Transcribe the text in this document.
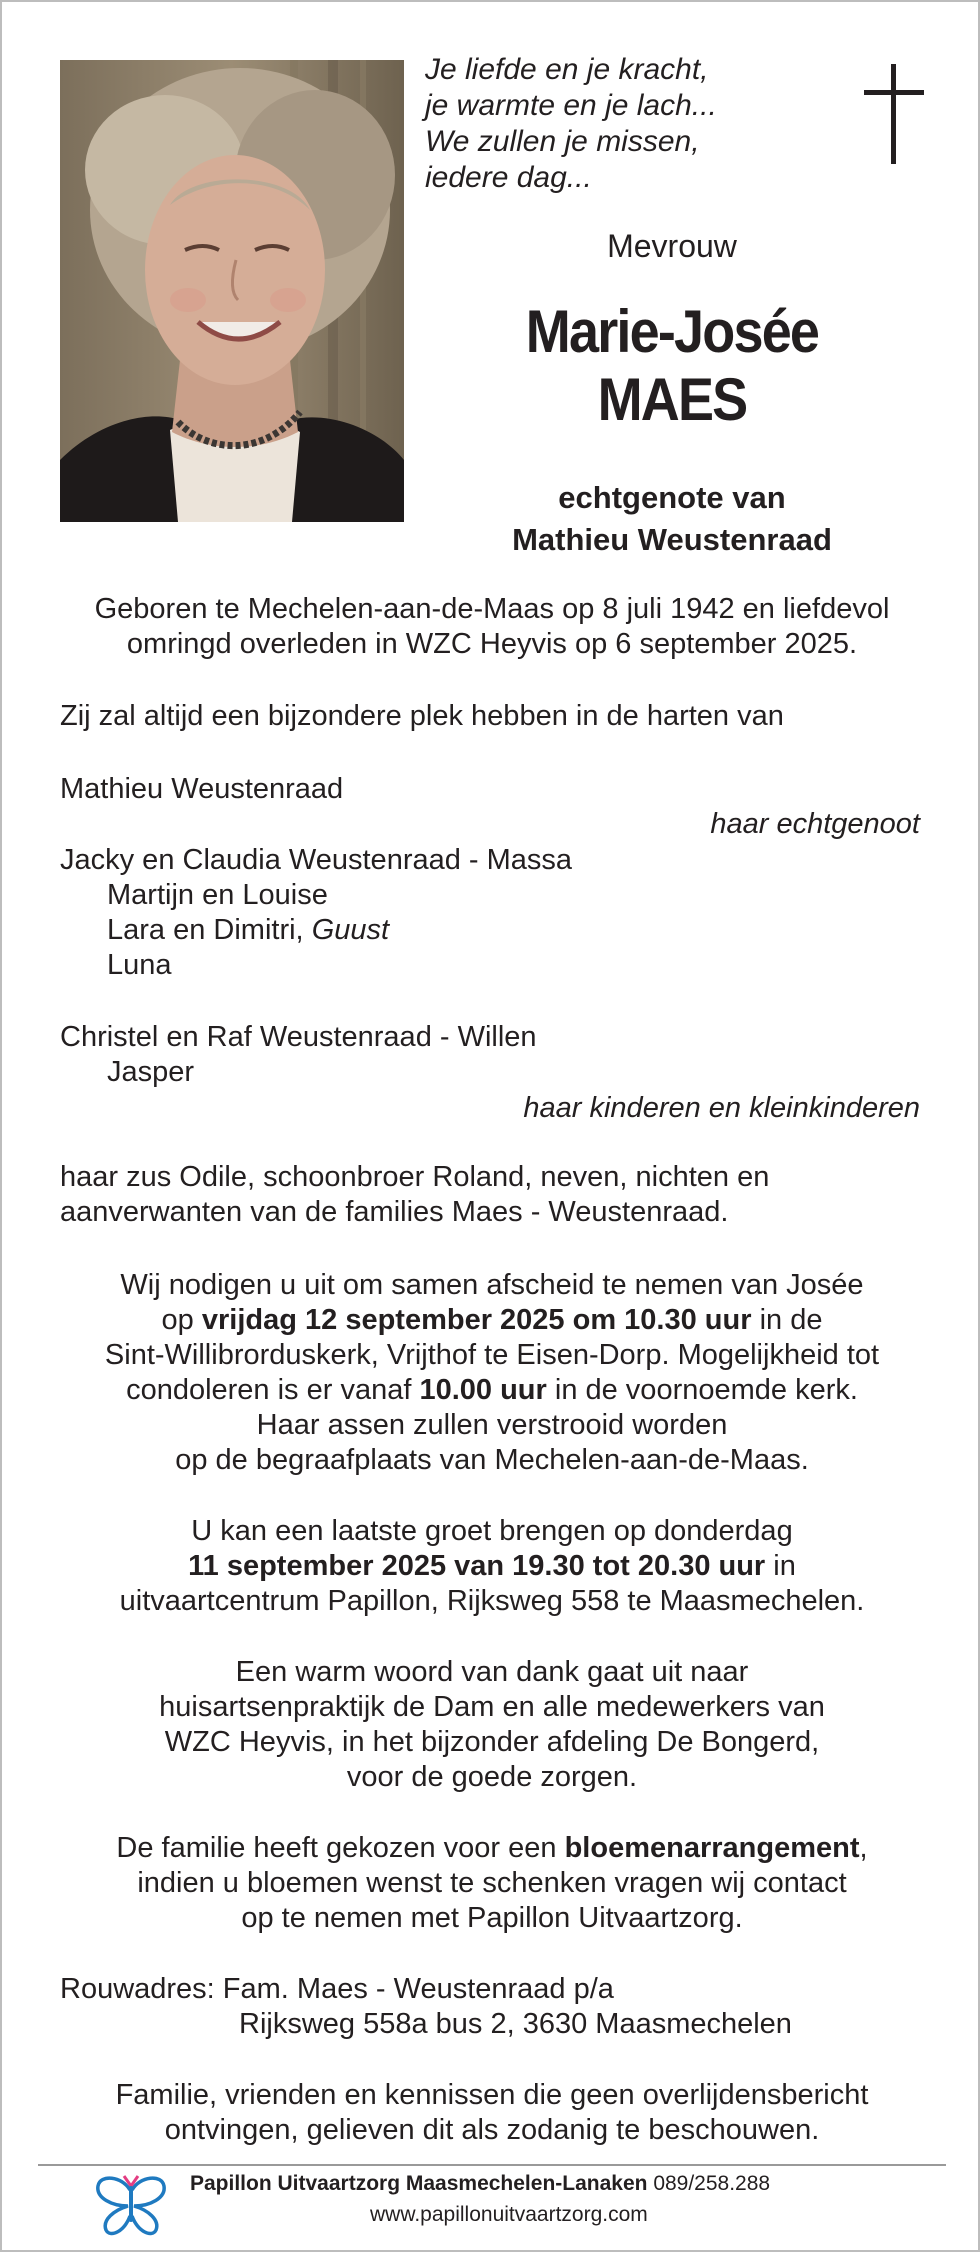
Je liefde en je kracht,
je warmte en je lach...
We zullen je missen,
iedere dag...
Mevrouw
Marie-Josée
MAES
echtgenote van
Mathieu Weustenraad
Geboren te Mechelen-aan-de-Maas op 8 juli 1942 en liefdevol
omringd overleden in WZC Heyvis op 6 september 2025.
Zij zal altijd een bijzondere plek hebben in de harten van
Mathieu Weustenraad
haar echtgenoot
Jacky en Claudia Weustenraad - Massa
Martijn en Louise
Lara en Dimitri, Guust
Luna
Christel en Raf Weustenraad - Willen
Jasper
haar kinderen en kleinkinderen
haar zus Odile, schoonbroer Roland, neven, nichten en
aanverwanten van de families Maes - Weustenraad.
Wij nodigen u uit om samen afscheid te nemen van Josée
op vrijdag 12 september 2025 om 10.30 uur in de
Sint-Willibrorduskerk, Vrijthof te Eisen-Dorp. Mogelijkheid tot
condoleren is er vanaf 10.00 uur in de voornoemde kerk.
Haar assen zullen verstrooid worden
op de begraafplaats van Mechelen-aan-de-Maas.
U kan een laatste groet brengen op donderdag
11 september 2025 van 19.30 tot 20.30 uur in
uitvaartcentrum Papillon, Rijksweg 558 te Maasmechelen.
Een warm woord van dank gaat uit naar
huisartsenpraktijk de Dam en alle medewerkers van
WZC Heyvis, in het bijzonder afdeling De Bongerd,
voor de goede zorgen.
De familie heeft gekozen voor een bloemenarrangement,
indien u bloemen wenst te schenken vragen wij contact
op te nemen met Papillon Uitvaartzorg.
Rouwadres: Fam. Maes - Weustenraad p/a
Rijksweg 558a bus 2, 3630 Maasmechelen
Familie, vrienden en kennissen die geen overlijdensbericht
ontvingen, gelieven dit als zodanig te beschouwen.
Papillon Uitvaartzorg Maasmechelen-Lanaken 089/258.288
www.papillonuitvaartzorg.com
